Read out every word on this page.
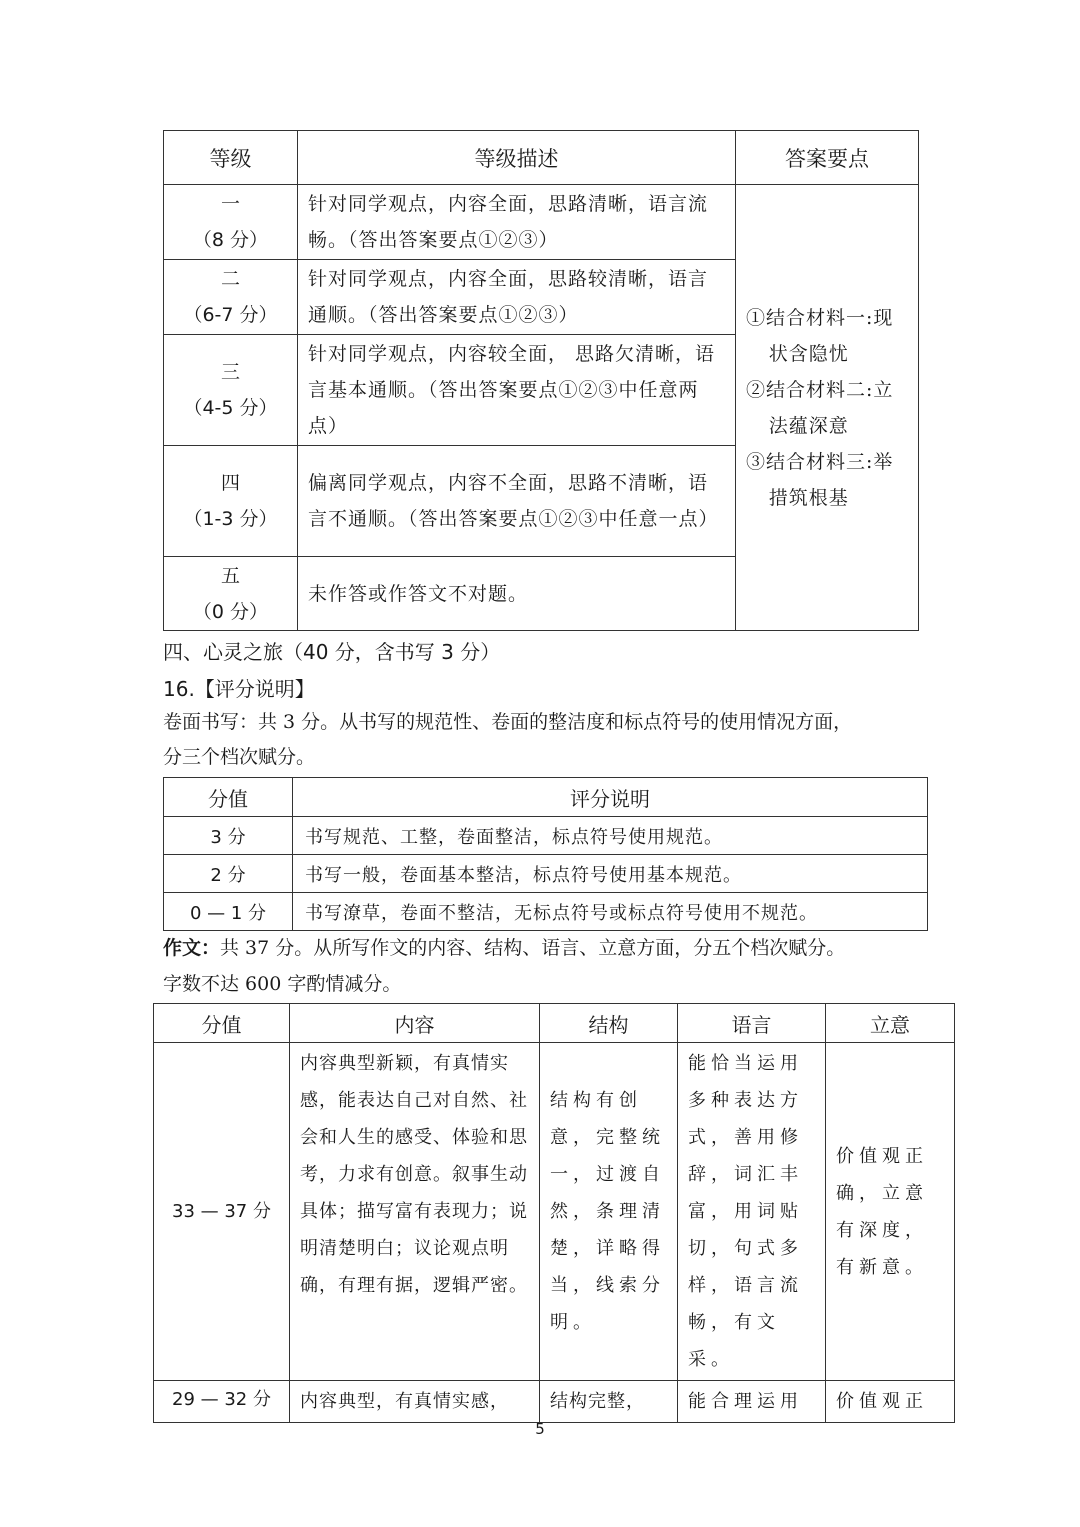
等级	等级描述	答案要点

一
（8 分）	针对同学观点，内容全面，思路清晰，语言流畅。（答出答案要点①②③）	①结合材料一:现状含隐忧
②结合材料二:立法蕴深意
③结合材料三:举措筑根基

二
（6-7 分）	针对同学观点，内容全面，思路较清晰，语言通顺。（答出答案要点①②③）	

三
（4-5 分）	针对同学观点，内容较全面， 思路欠清晰，语言基本通顺。（答出答案要点①②③中任意两点）	

四
（1-3 分）	偏离同学观点，内容不全面，思路不清晰，语言不通顺。（答出答案要点①②③中任意一点）	

五
（0 分）	未作答或作答文不对题。	
四、心灵之旅（40 分，含书写 3 分）
16.【评分说明】
卷面书写：共 3 分。从书写的规范性、卷面的整洁度和标点符号的使用情况方面，
分三个档次赋分。
分值	评分说明
3 分	书写规范、工整，卷面整洁，标点符号使用规范。
2 分	书写一般，卷面基本整洁，标点符号使用基本规范。
0 — 1 分	书写潦草，卷面不整洁，无标点符号或标点符号使用不规范。
作文：共 37 分。从所写作文的内容、结构、语言、立意方面，分五个档次赋分。
字数不达 600 字酌情减分。
分值	内容	结构	语言	立意
33 — 37 分	内容典型新颖，有真情实感，能表达自己对自然、社会和人生的感受、体验和思考，力求有创意。叙事生动具体；描写富有表现力；说明清楚明白；议论观点明确，有理有据，逻辑严密。	结构有创意，完整统一，过渡自然，条理清楚，详略得当，线索分明。	能恰当运用多种表达方式，善用修辞，词汇丰富，用词贴切，句式多样，语言流畅，有文采。	价值观正确，立意有深度，有新意。
29 — 32 分	内容典型，有真情实感，	结构完整，	能合理运用	价值观正
5
